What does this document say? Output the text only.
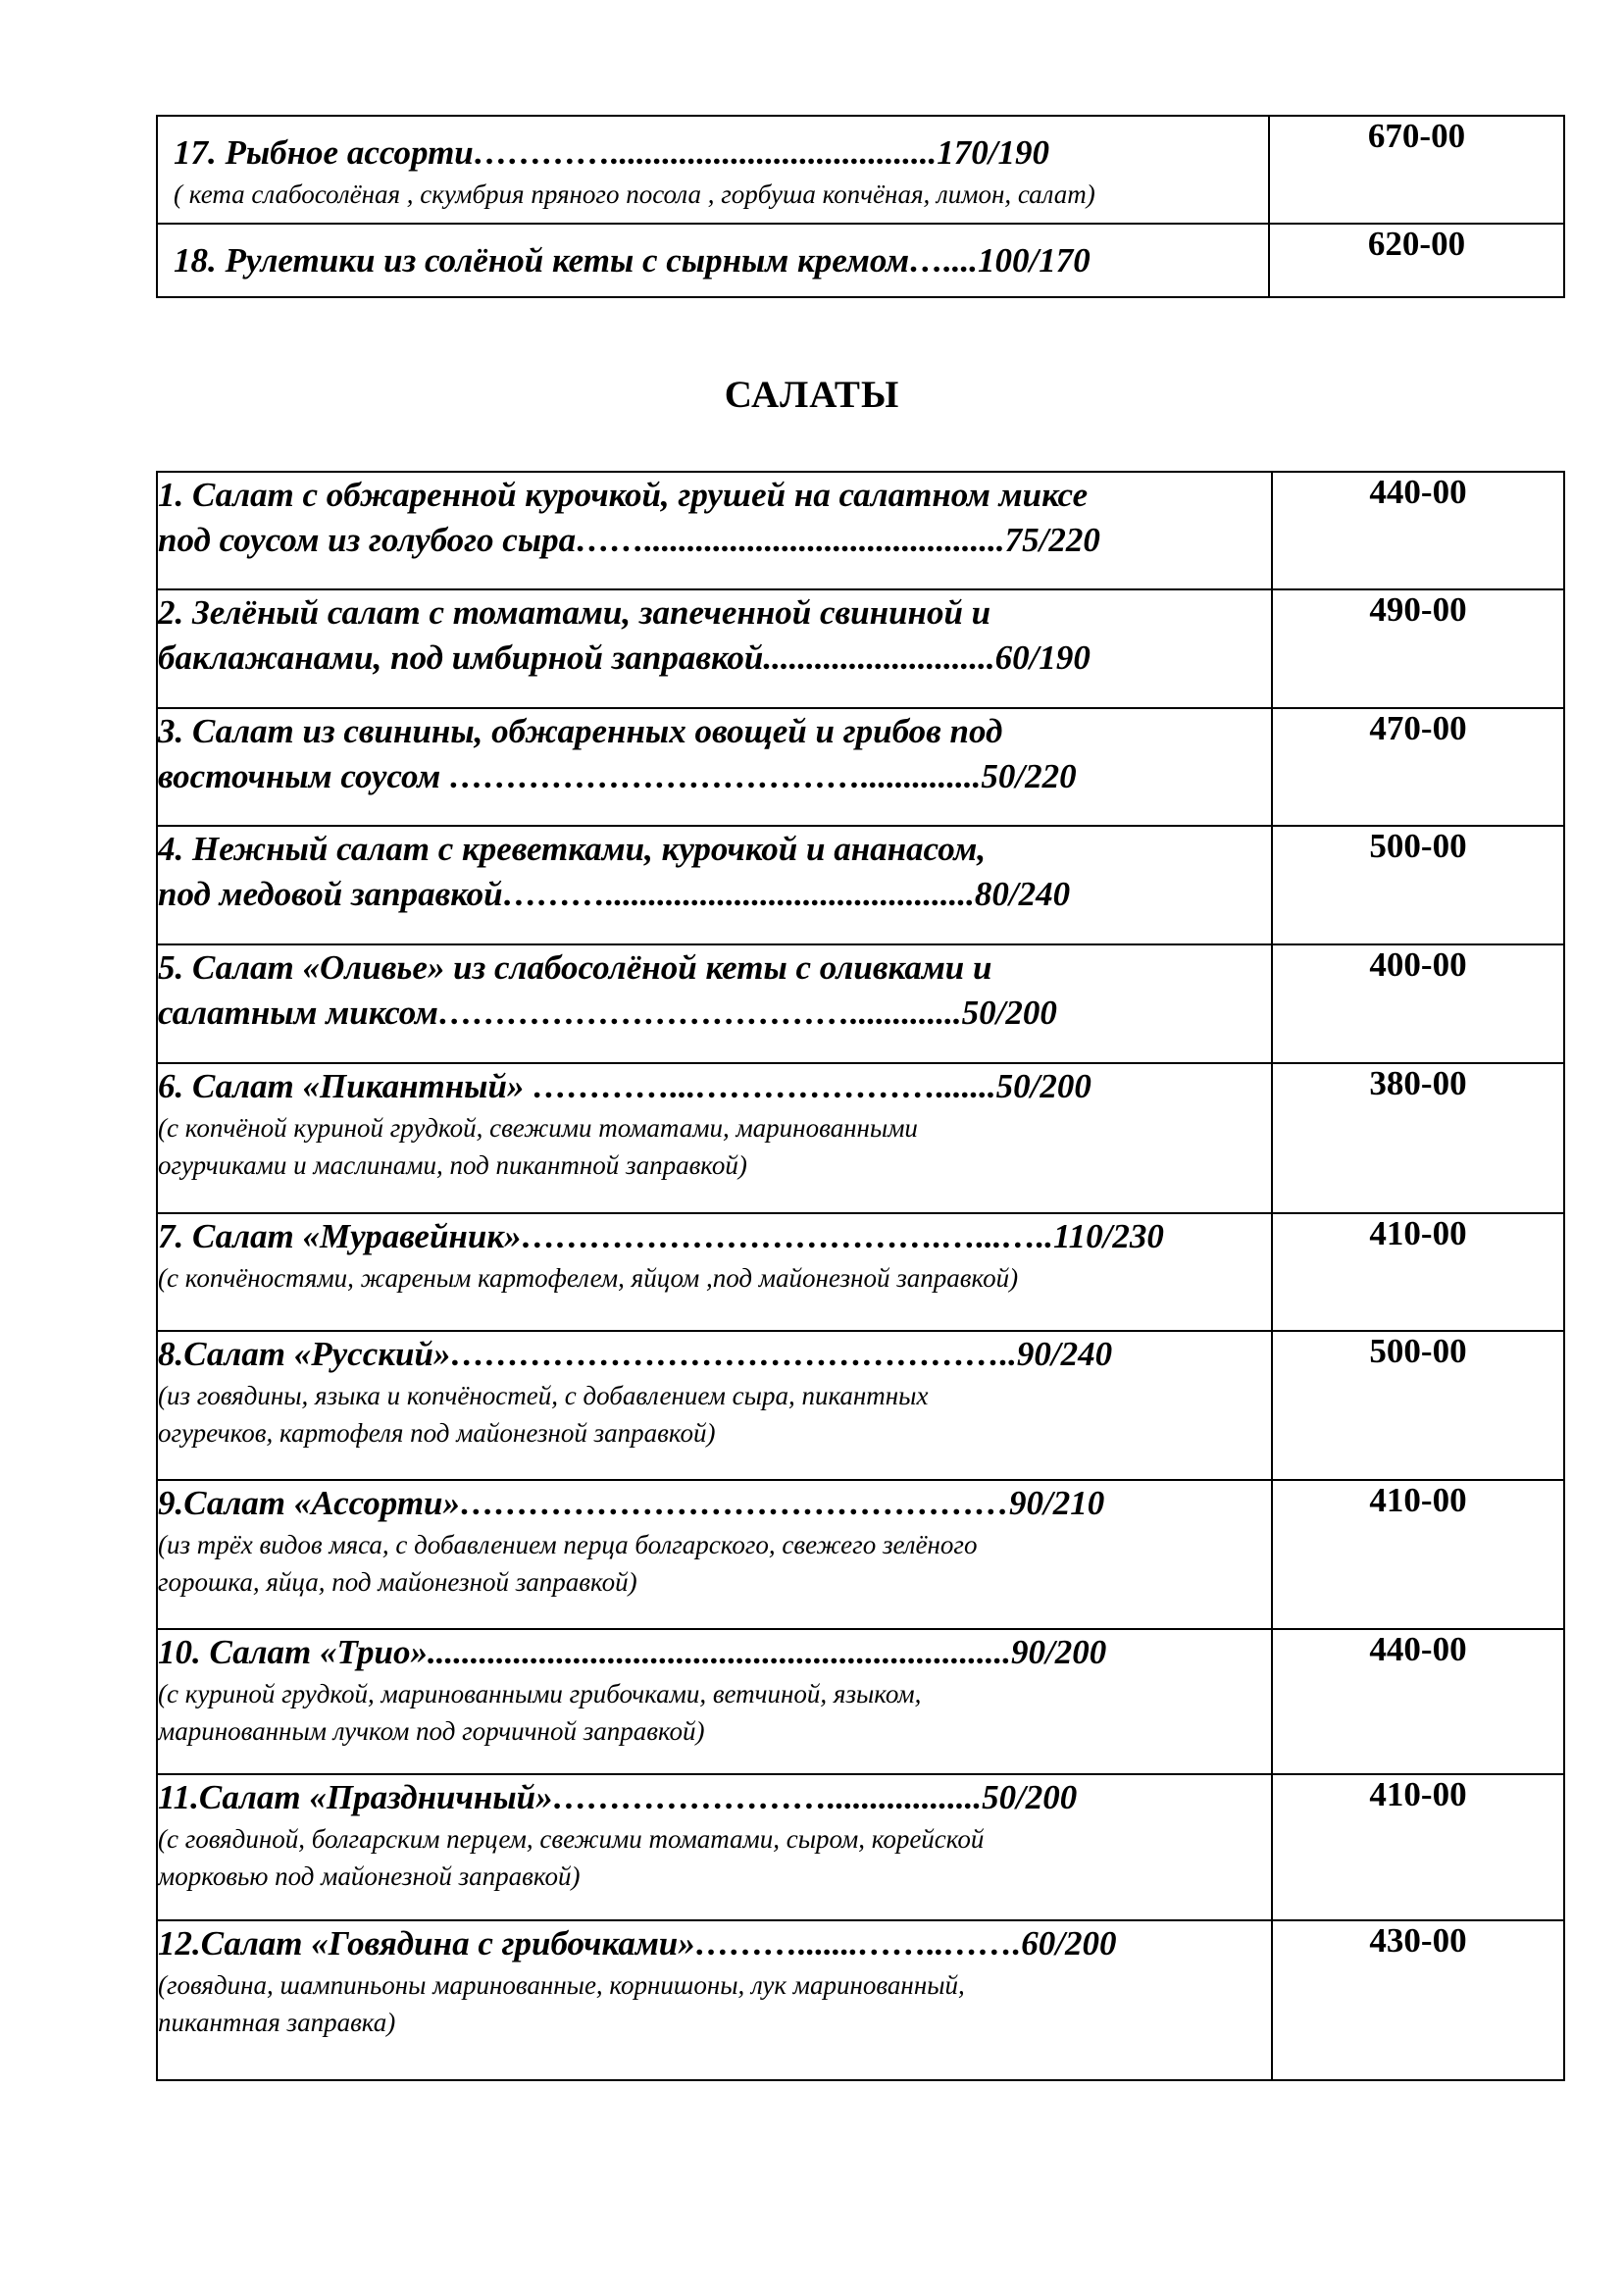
17. Рыбное ассорти…………......................................170/190
( кета слабосолёная , скумбрия пряного посола , горбуша копчёная, лимон, салат)	670-00

18. Рулетики из солёной кеты с сырным кремом…....100/170	620-00
САЛАТЫ
1. Салат с обжаренной курочкой, грушей на салатном миксе
под соусом из голубого сыра……..........................................75/220	440-00

2. Зелёный салат с томатами, запеченной свининой и
баклажанами, под имбирной заправкой...........................60/190	490-00

3. Салат из свинины, обжаренных овощей и грибов под
восточным соусом ………………………………..............50/220	470-00

4. Нежный салат с креветками, курочкой и ананасом,
под медовой заправкой………...........................................80/240	500-00

5. Салат «Оливье» из слабосолёной кеты с оливками и
салатным миксом……………………………….............50/200	400-00

6. Салат «Пикантный» …………...………………….......50/200
(с копчёной куриной грудкой, свежими томатами, маринованными
огурчиками и маслинами, под пикантной заправкой)	380-00

7. Салат «Муравейник»……………………………….…...…..110/230
(с копчёностями, жареным картофелем, яйцом ,под майонезной заправкой)	410-00

8.Салат «Русский»…………………………………………..90/240
(из говядины, языка и копчёностей, с добавлением сыра, пикантных
огуречков, картофеля под майонезной заправкой)	500-00

9.Салат «Ассорти»…………………………………………90/210
(из трёх видов мяса, с добавлением перца болгарского, свежего зелёного
горошка, яйца, под майонезной заправкой)	410-00

10. Салат «Трио»....................................................................90/200
(с куриной грудкой, маринованными грибочками, ветчиной, языком,
маринованным лучком под горчичной заправкой)	440-00

11.Салат «Праздничный»……………………..................50/200
(с говядиной, болгарским перцем, свежими томатами, сыром, корейской
морковью под майонезной заправкой)	410-00

12.Салат «Говядина с грибочками»……….......……..…….60/200
(говядина, шампиньоны маринованные, корнишоны, лук маринованный,
пикантная заправка)	430-00
